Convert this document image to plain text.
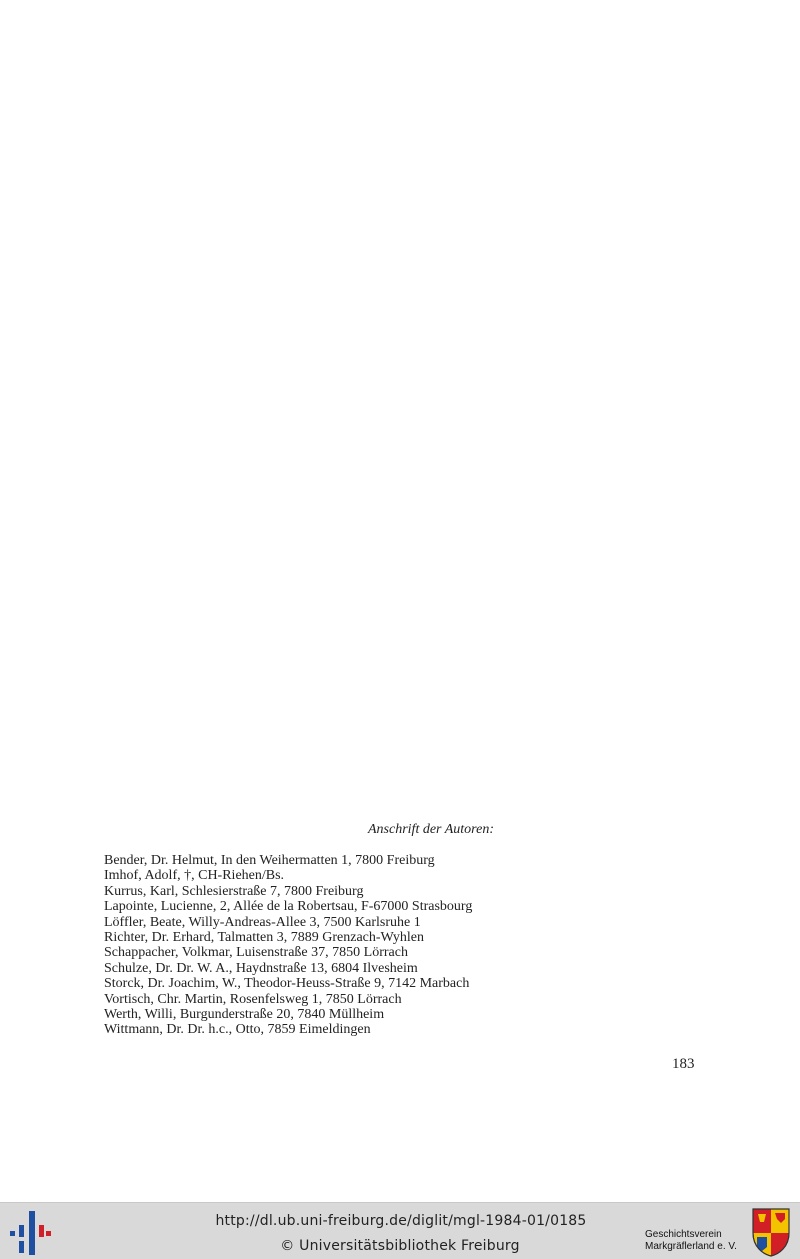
Anschrift der Autoren:
Bender, Dr. Helmut, In den Weihermatten 1, 7800 Freiburg
Imhof, Adolf, †, CH-Riehen/Bs.
Kurrus, Karl, Schlesierstraße 7, 7800 Freiburg
Lapointe, Lucienne, 2, Allée de la Robertsau, F-67000 Strasbourg
Löffler, Beate, Willy-Andreas-Allee 3, 7500 Karlsruhe 1
Richter, Dr. Erhard, Talmatten 3, 7889 Grenzach-Wyhlen
Schappacher, Volkmar, Luisenstraße 37, 7850 Lörrach
Schulze, Dr. Dr. W. A., Haydnstraße 13, 6804 Ilvesheim
Storck, Dr. Joachim, W., Theodor-Heuss-Straße 9, 7142 Marbach
Vortisch, Chr. Martin, Rosenfelsweg 1, 7850 Lörrach
Werth, Willi, Burgunderstraße 20, 7840 Müllheim
Wittmann, Dr. Dr. h.c., Otto, 7859 Eimeldingen
183
http://dl.ub.uni-freiburg.de/diglit/mgl-1984-01/0185
© Universitätsbibliothek Freiburg
Geschichtsverein
Markgräflerland e. V.
